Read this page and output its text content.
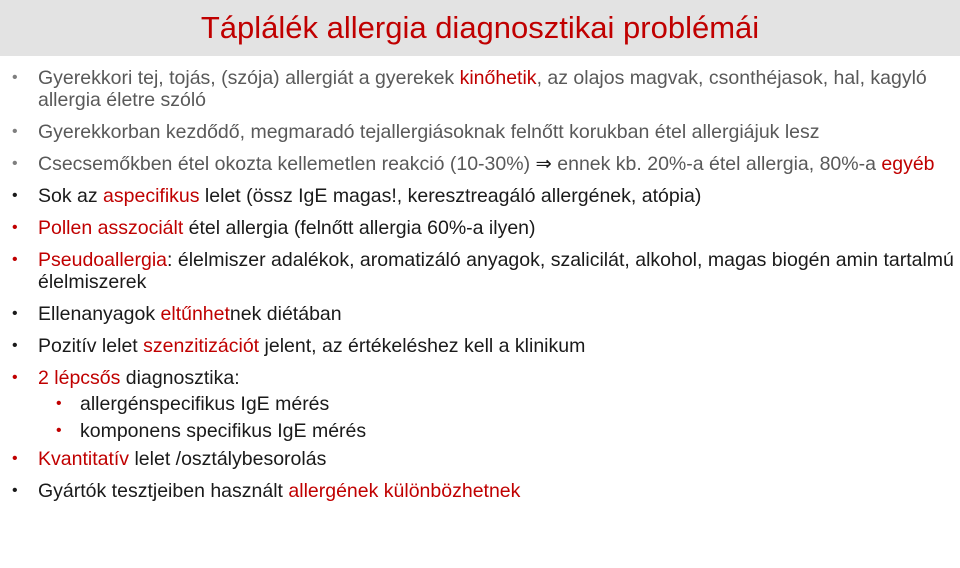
Táplálék allergia diagnosztikai problémái
• Gyerekkori tej, tojás, (szója) allergiát a gyerekek kinőhetik, az olajos magvak, csonthéjasok, hal, kagyló allergia életre szóló
• Gyerekkorban kezdődő, megmaradó tejallergiásoknak felnőtt korukban étel allergiájuk lesz
• Csecsemőkben étel okozta kellemetlen reakció (10-30%) ⇒ ennek kb. 20%-a étel allergia, 80%-a egyéb
• Sok az aspecifikus lelet (össz IgE magas!, keresztreagáló allergének, atópia)
• Pollen asszociált étel allergia (felnőtt allergia 60%-a ilyen)
• Pseudoallergia: élelmiszer adalékok, aromatizáló anyagok, szalicilát, alkohol, magas biogén amin tartalmú élelmiszerek
• Ellenanyagok eltűnhetnek diétában
• Pozitív lelet szenzitizációt jelent, az értékeléshez kell a klinikum
• 2 lépcsős diagnosztika:
• allergénspecifikus IgE mérés
• komponens specifikus IgE mérés
• Kvantitatív lelet /osztálybesorolás
• Gyártók tesztjeiben használt allergének különbözhetnek
